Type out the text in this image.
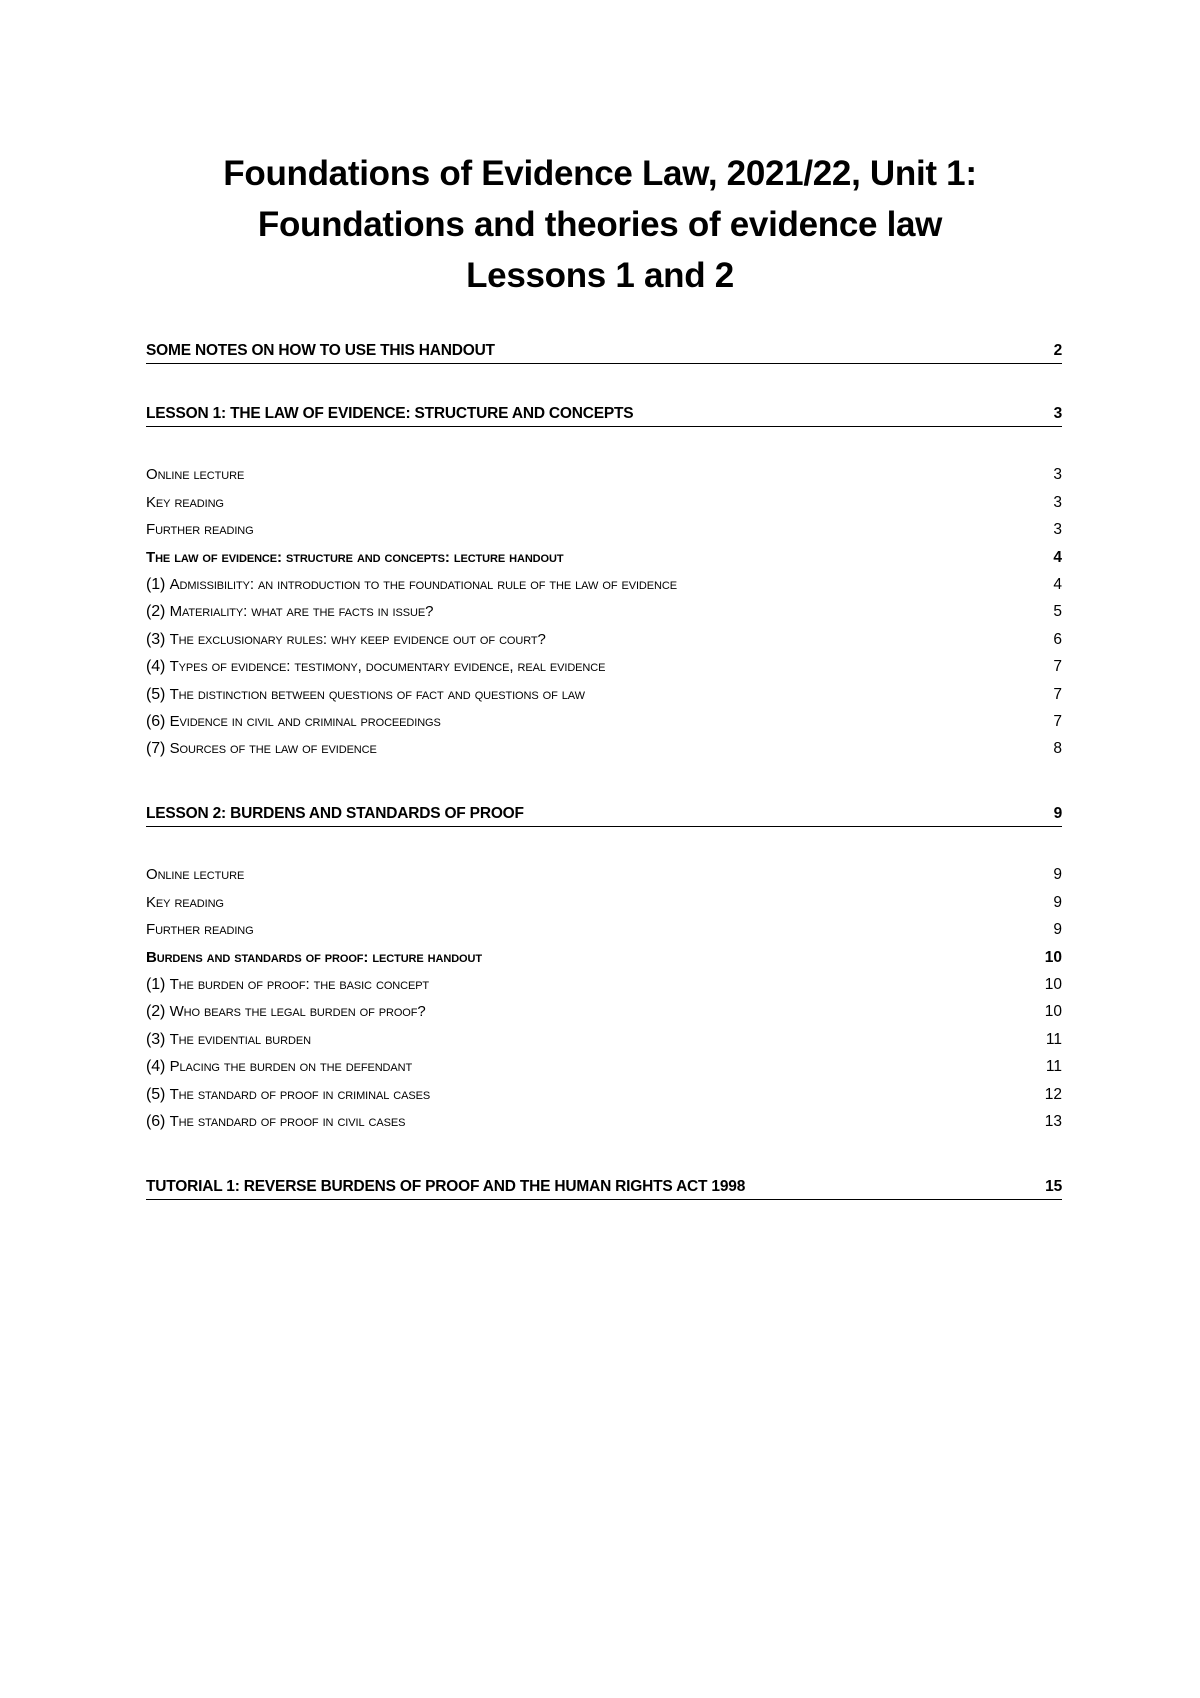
Foundations of Evidence Law, 2021/22, Unit 1:
Foundations and theories of evidence law
Lessons 1 and 2
SOME NOTES ON HOW TO USE THIS HANDOUT	2
LESSON 1: THE LAW OF EVIDENCE: STRUCTURE AND CONCEPTS	3
Online lecture	3
Key reading	3
Further reading	3
The law of evidence: structure and concepts: lecture handout	4
(1) Admissibility: an introduction to the foundational rule of the law of evidence	4
(2) Materiality: what are the facts in issue?	5
(3) The exclusionary rules: why keep evidence out of court?	6
(4) Types of evidence: testimony, documentary evidence, real evidence	7
(5) The distinction between questions of fact and questions of law	7
(6) Evidence in civil and criminal proceedings	7
(7) Sources of the law of evidence	8
LESSON 2: BURDENS AND STANDARDS OF PROOF	9
Online lecture	9
Key reading	9
Further reading	9
Burdens and standards of proof: lecture handout	10
(1) The burden of proof: the basic concept	10
(2) Who bears the legal burden of proof?	10
(3) The evidential burden	11
(4) Placing the burden on the defendant	11
(5) The standard of proof in criminal cases	12
(6) The standard of proof in civil cases	13
TUTORIAL 1: REVERSE BURDENS OF PROOF AND THE HUMAN RIGHTS ACT 1998	15
